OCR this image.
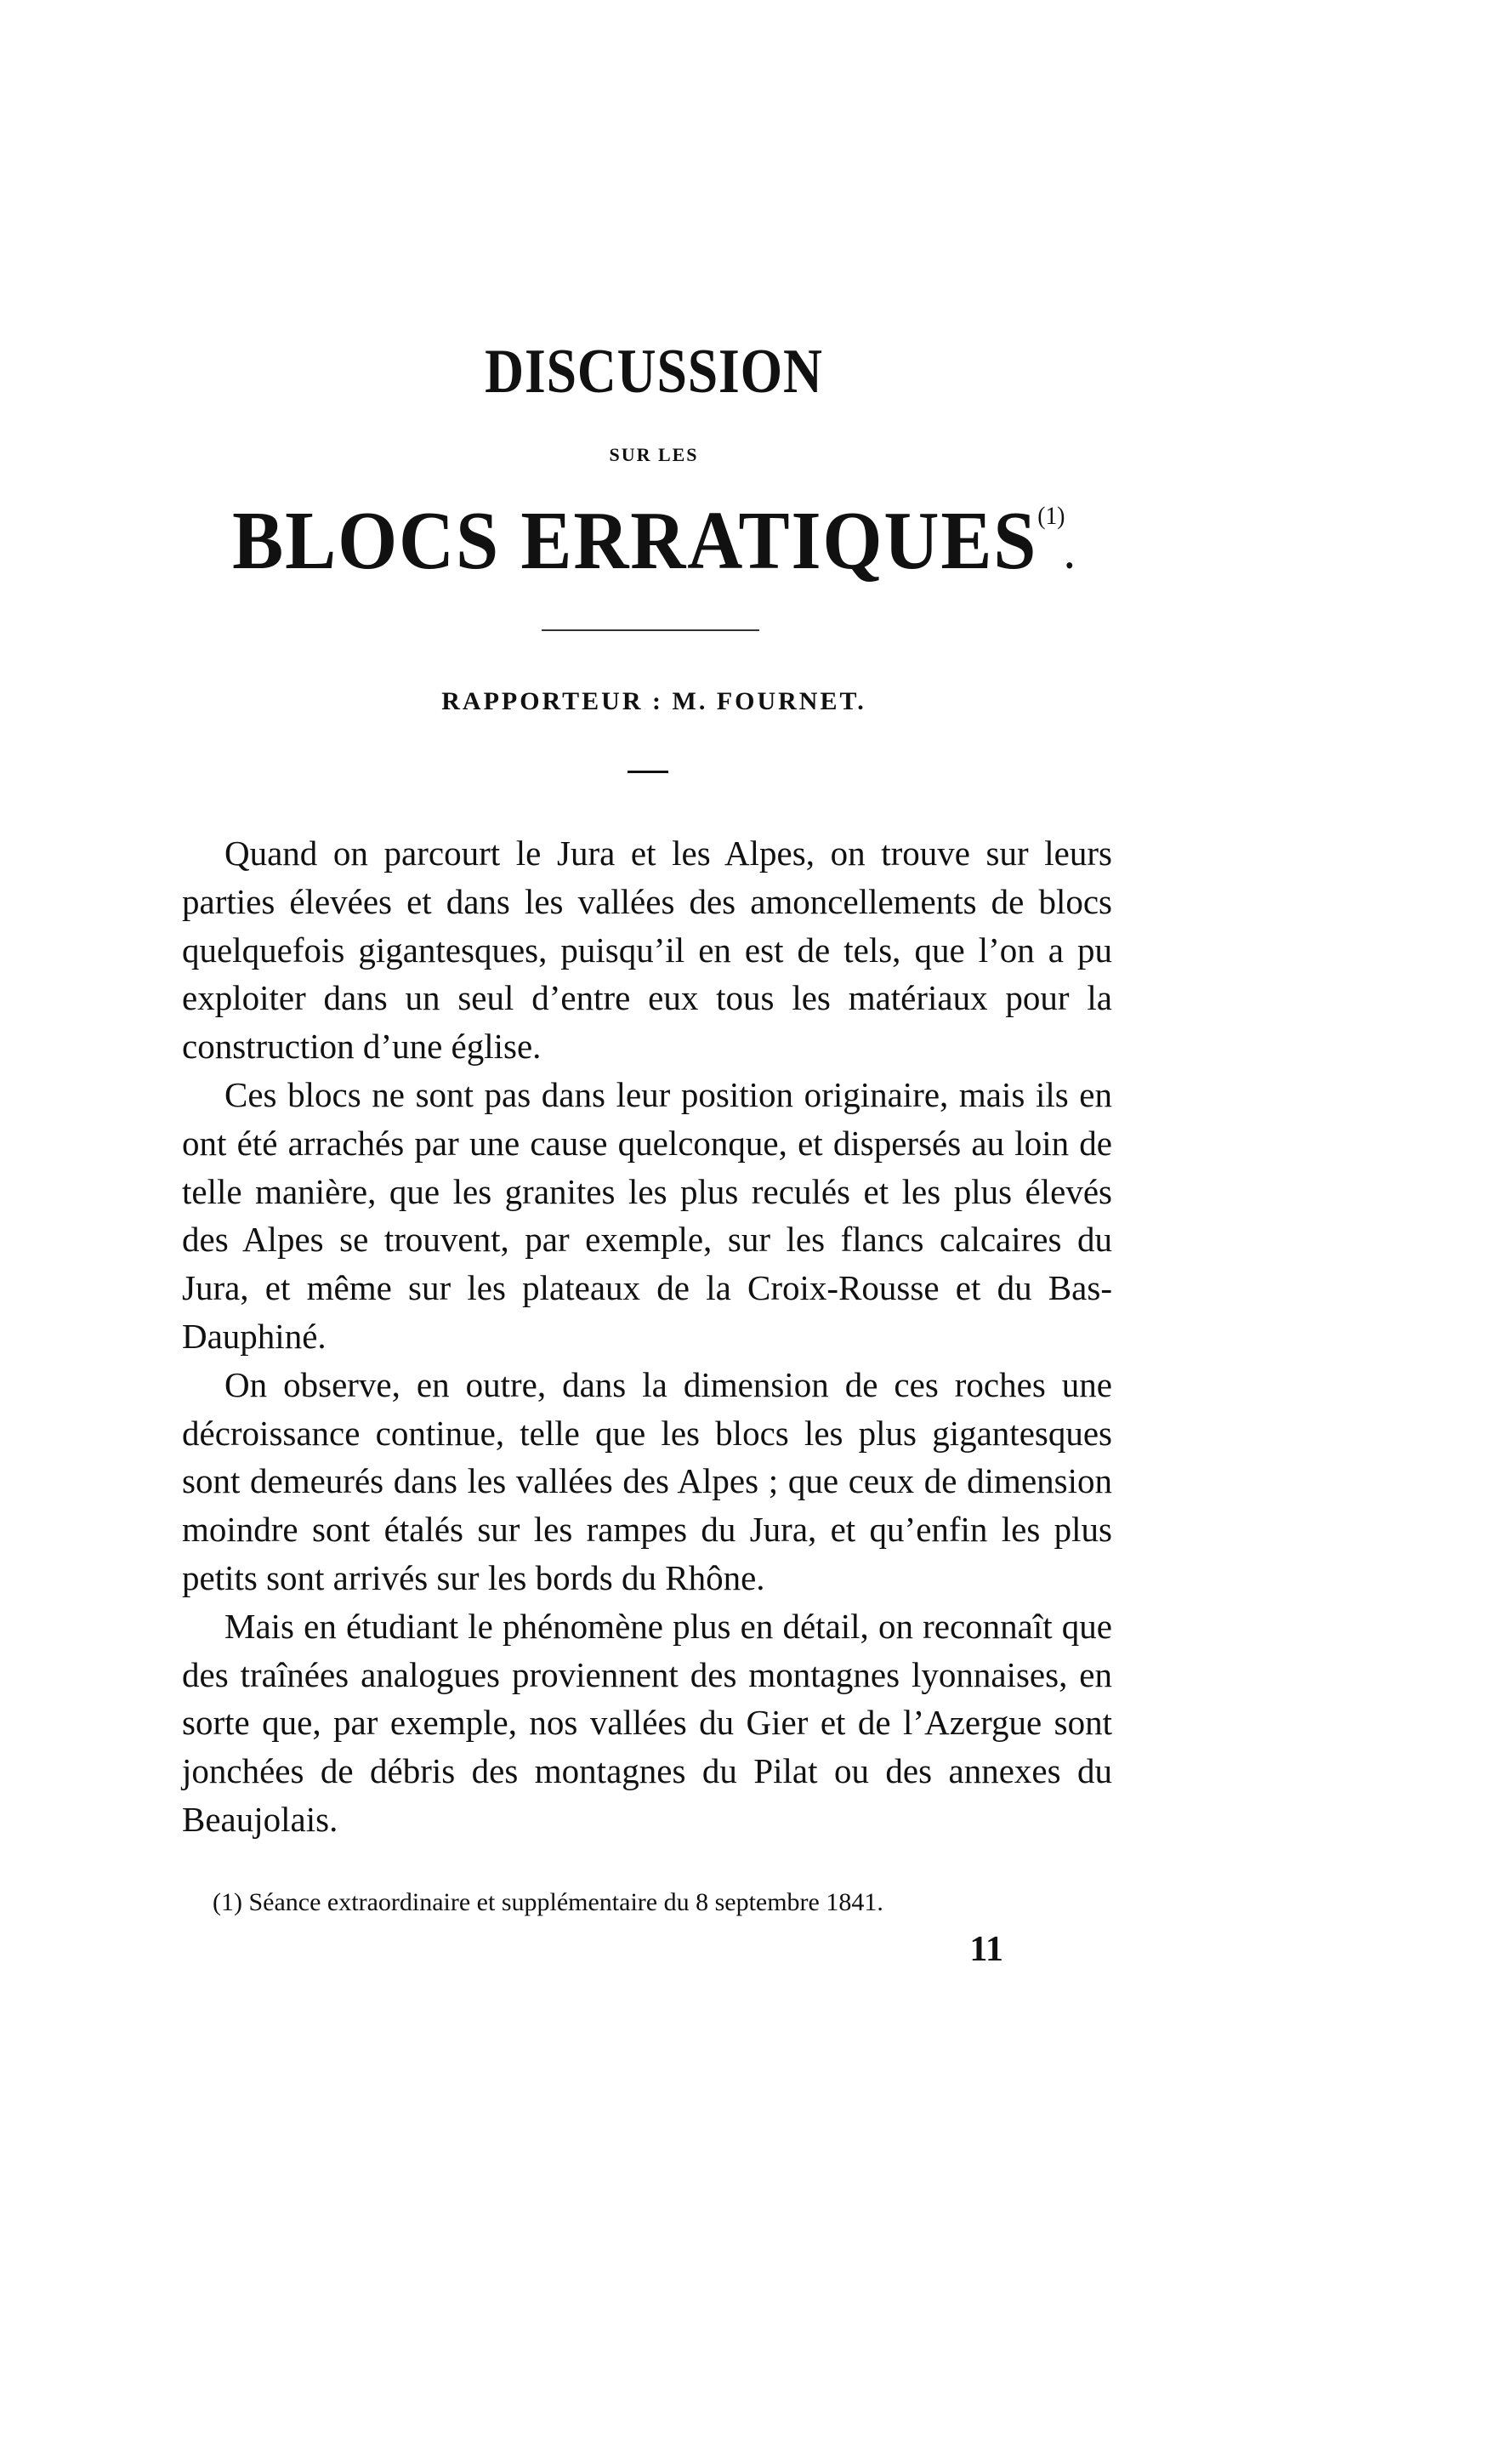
DISCUSSION
SUR LES
BLOCS ERRATIQUES$^{(1)}$.
RAPPORTEUR : M. FOURNET.

Quand on parcourt le Jura et les Alpes, on trouve sur leurs parties élevées et dans les vallées des amoncellements de blocs quelquefois gigantesques, puisqu’il en est de tels, que l’on a pu exploiter dans un seul d’entre eux tous les matériaux pour la construction d’une église.

Ces blocs ne sont pas dans leur position originaire, mais ils en ont été arrachés par une cause quelconque, et dispersés au loin de telle manière, que les granites les plus reculés et les plus élevés des Alpes se trouvent, par exemple, sur les flancs calcaires du Jura, et même sur les plateaux de la Croix-Rousse et du Bas-Dauphiné.

On observe, en outre, dans la dimension de ces roches une décroissance continue, telle que les blocs les plus gigantesques sont demeurés dans les vallées des Alpes ; que ceux de dimension moindre sont étalés sur les rampes du Jura, et qu’enfin les plus petits sont arrivés sur les bords du Rhône.

Mais en étudiant le phénomène plus en détail, on reconnaît que des traînées analogues proviennent des montagnes lyonnaises, en sorte que, par exemple, nos vallées du Gier et de l’Azergue sont jonchées de débris des montagnes du Pilat ou des annexes du Beaujolais.

(1) Séance extraordinaire et supplémentaire du 8 septembre 1841.
11
